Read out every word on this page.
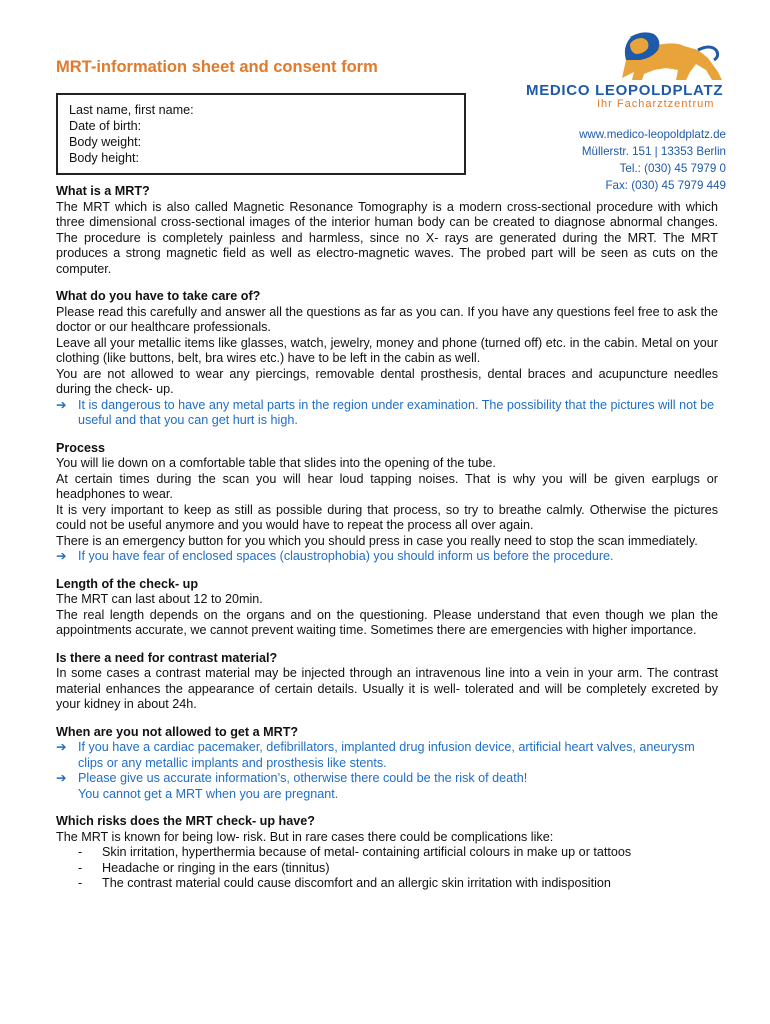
MRT-information sheet and consent form
Last name, first name:
Date of birth:
Body weight:
Body height:
MEDICO LEOPOLDPLATZ
Ihr Facharztzentrum
www.medico-leopoldplatz.de
Müllerstr. 151 | 13353 Berlin
Tel.: (030) 45 7979 0
Fax: (030) 45 7979 449
What is a MRT?
The MRT which is also called Magnetic Resonance Tomography is a modern cross-sectional procedure with which three dimensional cross-sectional images of the interior human body can be created to diagnose abnormal changes. The procedure is completely painless and harmless, since no X- rays are generated during the MRT. The MRT produces a strong magnetic field as well as electro-magnetic waves. The probed part will be seen as cuts on the computer.
What do you have to take care of?
Please read this carefully and answer all the questions as far as you can. If you have any questions feel free to ask the doctor or our healthcare professionals.
Leave all your metallic items like glasses, watch, jewelry, money and phone (turned off) etc. in the cabin. Metal on your clothing (like buttons, belt, bra wires etc.) have to be left in the cabin as well.
You are not allowed to wear any piercings, removable dental prosthesis, dental braces and acupuncture needles during the check- up.
➔ It is dangerous to have any metal parts in the region under examination. The possibility that the pictures will not be useful and that you can get hurt is high.
Process
You will lie down on a comfortable table that slides into the opening of the tube.
At certain times during the scan you will hear loud tapping noises. That is why you will be given earplugs or headphones to wear.
It is very important to keep as still as possible during that process, so try to breathe calmly. Otherwise the pictures could not be useful anymore and you would have to repeat the process all over again.
There is an emergency button for you which you should press in case you really need to stop the scan immediately.
➔ If you have fear of enclosed spaces (claustrophobia) you should inform us before the procedure.
Length of the check- up
The MRT can last about 12 to 20min.
The real length depends on the organs and on the questioning. Please understand that even though we plan the appointments accurate, we cannot prevent waiting time. Sometimes there are emergencies with higher importance.
Is there a need for contrast material?
In some cases a contrast material may be injected through an intravenous line into a vein in your arm. The contrast material enhances the appearance of certain details. Usually it is well- tolerated and will be completely excreted by your kidney in about 24h.
When are you not allowed to get a MRT?
➔ If you have a cardiac pacemaker, defibrillators, implanted drug infusion device, artificial heart valves, aneurysm clips or any metallic implants and prosthesis like stents.
➔ Please give us accurate information’s, otherwise there could be the risk of death!
You cannot get a MRT when you are pregnant.
Which risks does the MRT check- up have?
The MRT is known for being low- risk. But in rare cases there could be complications like:
-	Skin irritation, hyperthermia because of metal- containing artificial colours in make up or tattoos
-	Headache or ringing in the ears (tinnitus)
-	The contrast material could cause discomfort and an allergic skin irritation with indisposition
